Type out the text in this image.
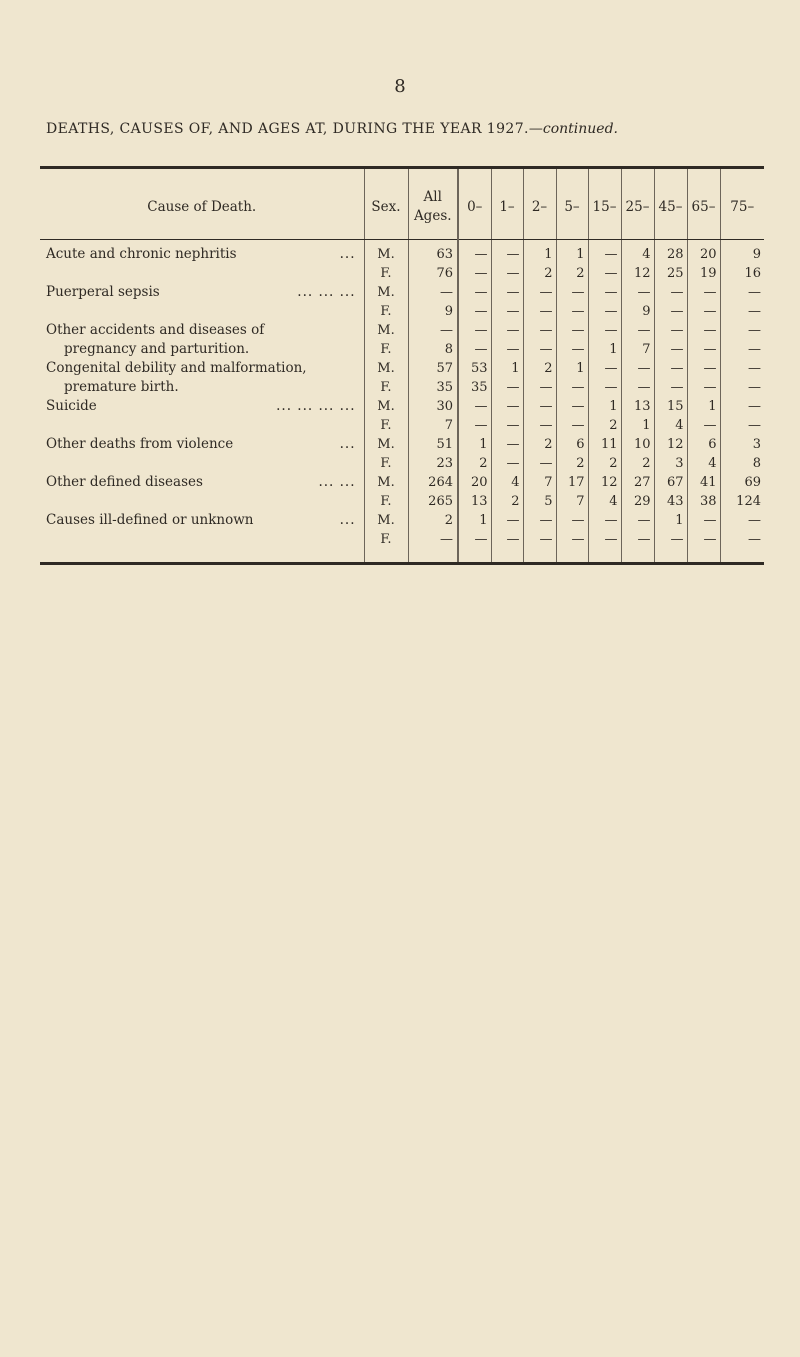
8
DEATHS, CAUSES OF, AND AGES AT, DURING THE YEAR 1927.—continued.
Cause of Death.	Sex.	All
Ages.	0–	1–	2–	5–	15–	25–	45–	65–	75–
Acute and chronic nephritis ...	M.	63	—	—	1	1	—	4	28	20	9
	F.	76	—	—	2	2	—	12	25	19	16
Puerperal sepsis ... ... ...	M.	—	—	—	—	—	—	—	—	—	—
	F.	9	—	—	—	—	—	9	—	—	—
Other accidents and diseases of	M.	—	—	—	—	—	—	—	—	—	—
pregnancy and parturition.	F.	8	—	—	—	—	1	7	—	—	—
Congenital debility and malformation,	M.	57	53	1	2	1	—	—	—	—	—
premature birth.	F.	35	35	—	—	—	—	—	—	—	—
Suicide ... ... ... ...	M.	30	—	—	—	—	1	13	15	1	—
	F.	7	—	—	—	—	2	1	4	—	—
Other deaths from violence ...	M.	51	1	—	2	6	11	10	12	6	3
	F.	23	2	—	—	2	2	2	3	4	8
Other defined diseases ... ...	M.	264	20	4	7	17	12	27	67	41	69
	F.	265	13	2	5	7	4	29	43	38	124
Causes ill-defined or unknown ...	M.	2	1	—	—	—	—	—	1	—	—
	F.	—	—	—	—	—	—	—	—	—	—
